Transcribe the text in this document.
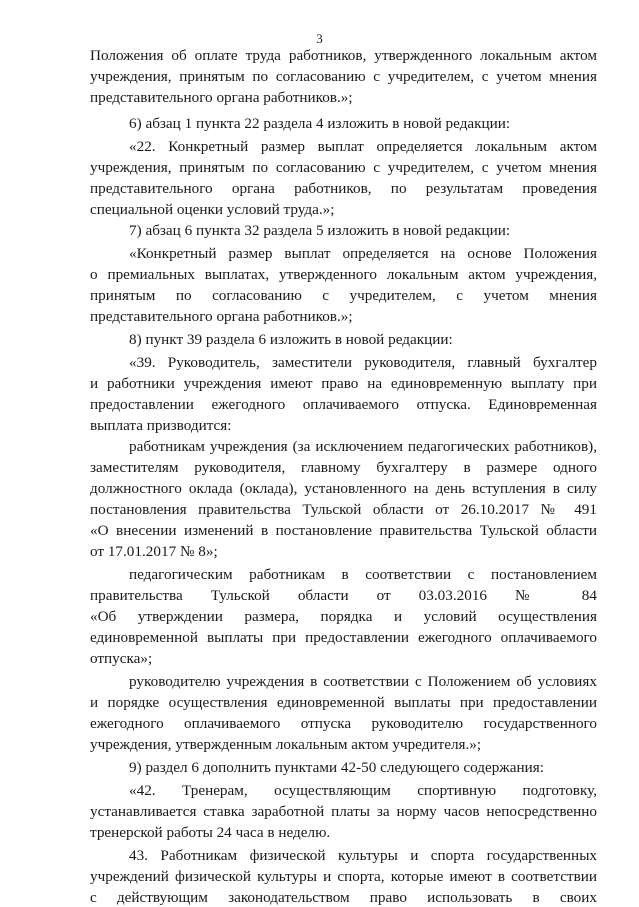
3
Положения об оплате труда работников, утвержденного локальным актом
учреждения, принятым по согласованию с учредителем, с учетом мнения
представительного органа работников.»;
6) абзац 1 пункта 22 раздела 4 изложить в новой редакции:
«22. Конкретный размер выплат определяется локальным актом
учреждения, принятым по согласованию с учредителем, с учетом мнения
представительного органа работников, по результатам проведения
специальной оценки условий труда.»;
7) абзац 6 пункта 32 раздела 5 изложить в новой редакции:
«Конкретный размер выплат определяется на основе Положения
о премиальных выплатах, утвержденного локальным актом учреждения,
принятым по согласованию с учредителем, с учетом мнения
представительного органа работников.»;
8) пункт 39 раздела 6 изложить в новой редакции:
«39. Руководитель, заместители руководителя, главный бухгалтер
и работники учреждения имеют право на единовременную выплату при
предоставлении ежегодного оплачиваемого отпуска. Единовременная
выплата призводится:
работникам учреждения (за исключением педагогических работников),
заместителям руководителя, главному бухгалтеру в размере одного
должностного оклада (оклада), установленного на день вступления в силу
постановления правительства Тульской области от 26.10.2017 № 491
«О внесении изменений в постановление правительства Тульской области
от 17.01.2017 № 8»;
педагогическим работникам в соответствии с постановлением
правительства Тульской области от 03.03.2016 № 84
«Об утверждении размера, порядка и условий осуществления
единовременной выплаты при предоставлении ежегодного оплачиваемого
отпуска»;
руководителю учреждения в соответствии с Положением об условиях
и порядке осуществления единовременной выплаты при предоставлении
ежегодного оплачиваемого отпуска руководителю государственного
учреждения, утвержденным локальным актом учредителя.»;
9) раздел 6 дополнить пунктами 42-50 следующего содержания:
«42. Тренерам, осуществляющим спортивную подготовку,
устанавливается ставка заработной платы за норму часов непосредственно
тренерской работы 24 часа в неделю.
43. Работникам физической культуры и спорта государственных
учреждений физической культуры и спорта, которые имеют в соответствии
с действующим законодательством право использовать в своих
